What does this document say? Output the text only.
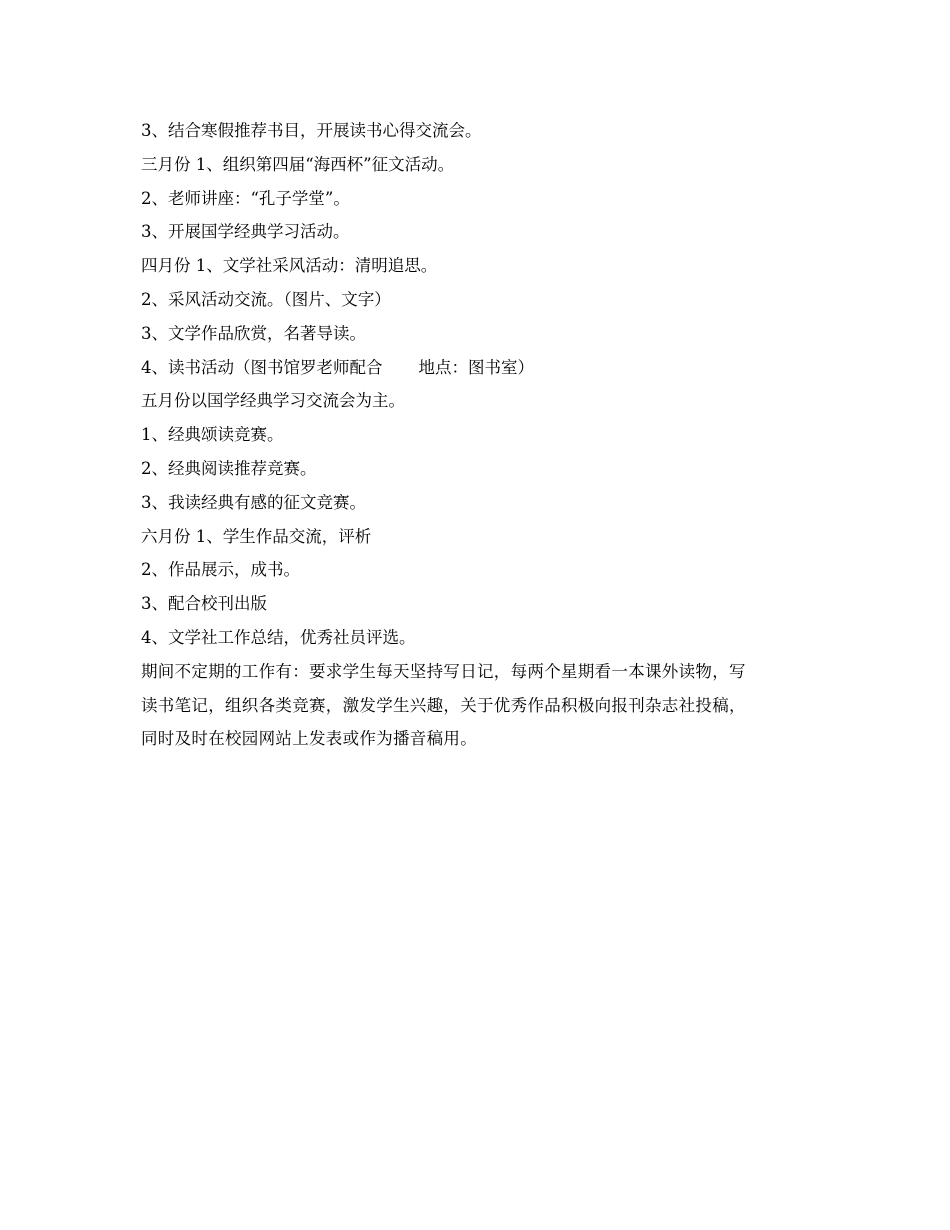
3、结合寒假推荐书目，开展读书心得交流会。
三月份 1、组织第四届“海西杯”征文活动。
2、老师讲座：“孔子学堂”。
3、开展国学经典学习活动。
四月份 1、文学社采风活动：清明追思。
2、采风活动交流。（图片、文字）
3、文学作品欣赏，名著导读。
4、读书活动（图书馆罗老师配合 地点：图书室）
五月份以国学经典学习交流会为主。
1、经典颂读竞赛。
2、经典阅读推荐竞赛。
3、我读经典有感的征文竞赛。
六月份 1、学生作品交流，评析
2、作品展示，成书。
3、配合校刊出版
4、文学社工作总结，优秀社员评选。
期间不定期的工作有：要求学生每天坚持写日记，每两个星期看一本课外读物，写
读书笔记，组织各类竞赛，激发学生兴趣，关于优秀作品积极向报刊杂志社投稿，
同时及时在校园网站上发表或作为播音稿用。
